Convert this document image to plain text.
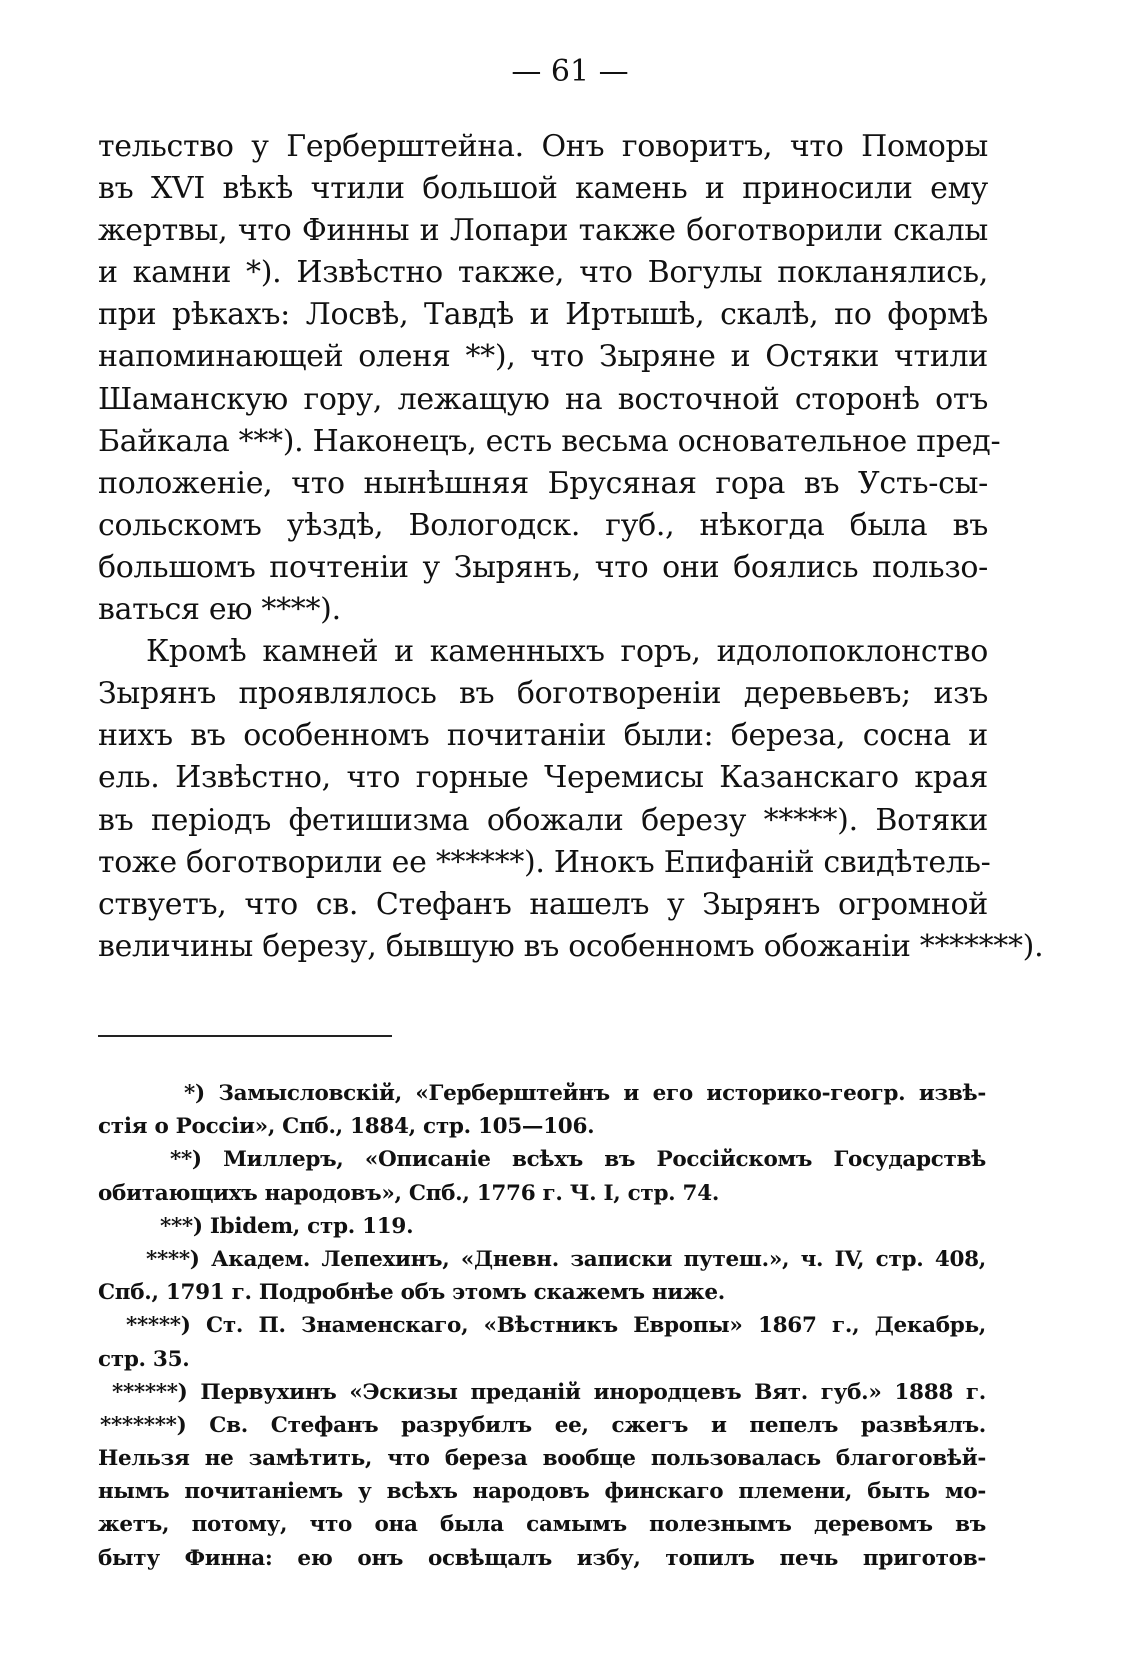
— 61 —
тельство у Герберштейна. Онъ говоритъ, что Поморы
въ XVI вѣкѣ чтили большой камень и приносили ему
жертвы, что Финны и Лопари также боготворили скалы
и камни *). Извѣстно также, что Вогулы покланялись,
при рѣкахъ: Лосвѣ, Тавдѣ и Иртышѣ, скалѣ, по формѣ
напоминающей оленя **), что Зыряне и Остяки чтили
Шаманскую гору, лежащую на восточной сторонѣ отъ
Байкала ***). Наконецъ, есть весьма основательное пред-
положенiе, что нынѣшняя Брусяная гора въ Усть-сы-
сольскомъ уѣздѣ, Вологодск. губ., нѣкогда была въ
большомъ почтенiи у Зырянъ, что они боялись пользо-
ваться ею ****).
Кромѣ камней и каменныхъ горъ, идолопоклонство
Зырянъ проявлялось въ боготворенiи деревьевъ; изъ
нихъ въ особенномъ почитанiи были: береза, сосна и
ель. Извѣстно, что горные Черемисы Казанскаго края
въ перiодъ фетишизма обожали березу *****). Вотяки
тоже боготворили ее ******). Инокъ Епифанiй свидѣтель-
ствуетъ, что св. Стефанъ нашелъ у Зырянъ огромной
величины березу, бывшую въ особенномъ обожанiи *******).
*) Замысловскiй, «Герберштейнъ и его историко-геогр. извѣ-
стiя о Россiи», Спб., 1884, стр. 105—106.
**) Миллеръ, «Описанiе всѣхъ въ Россiйскомъ Государствѣ
обитающихъ народовъ», Спб., 1776 г. Ч. I, стр. 74.
***) Ibidem, стр. 119.
****) Академ. Лепехинъ, «Дневн. записки путеш.», ч. IV, стр. 408,
Спб., 1791 г. Подробнѣе объ этомъ скажемъ ниже.
*****) Ст. П. Знаменскаго, «Вѣстникъ Европы» 1867 г., Декабрь,
стр. 35.
******) Первухинъ «Эскизы преданiй инородцевъ Вят. губ.» 1888 г.
*******) Св. Стефанъ разрубилъ ее, сжегъ и пепелъ развѣялъ.
Нельзя не замѣтить, что береза вообще пользовалась благоговѣй-
нымъ почитанiемъ у всѣхъ народовъ финскаго племени, быть мо-
жетъ, потому, что она была самымъ полезнымъ деревомъ въ
быту Финна: ею онъ освѣщалъ избу, топилъ печь приготов-
